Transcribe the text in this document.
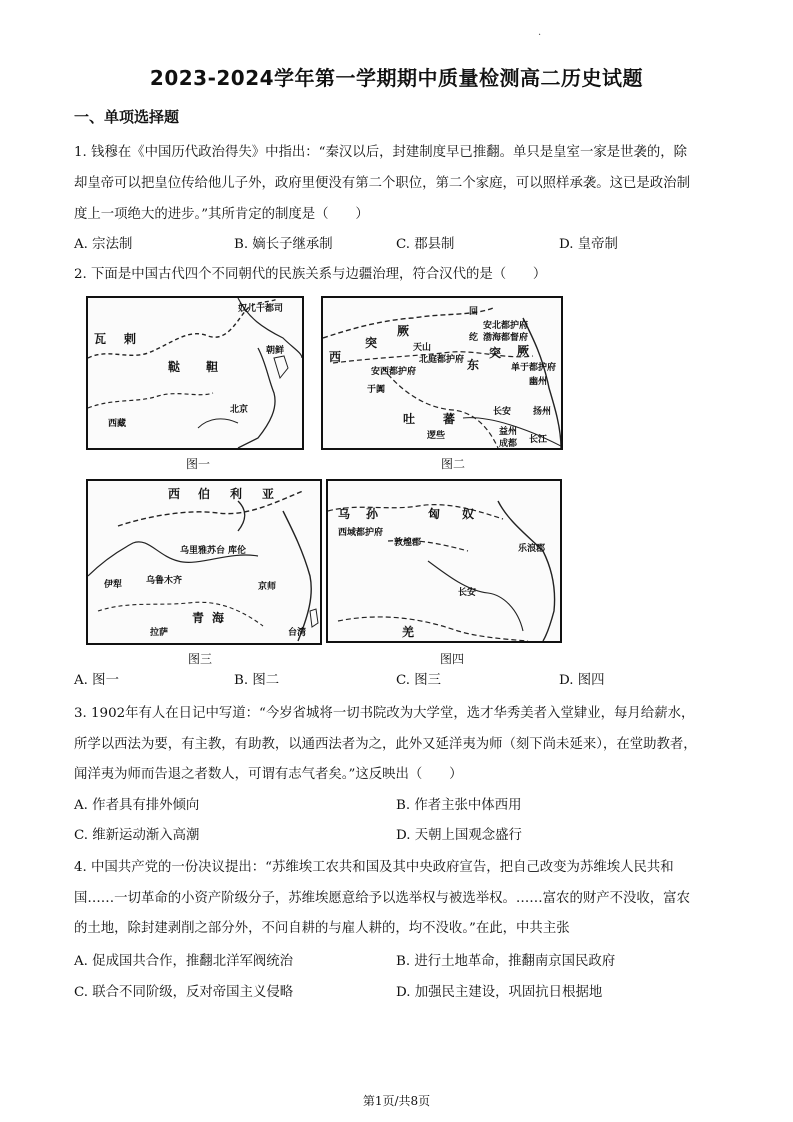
·
2023-2024学年第一学期期中质量检测高二历史试题
一、单项选择题
1. 钱穆在《中国历代政治得失》中指出：“秦汉以后，封建制度早已推翻。单只是皇室一家是世袭的，除
却皇帝可以把皇位传给他儿子外，政府里便没有第二个职位，第二个家庭，可以照样承袭。这已是政治制
度上一项绝大的进步。”其所肯定的制度是（　　）
A. 宗法制	B. 嫡长子继承制	C. 郡县制	D. 皇帝制
2. 下面是中国古代四个不同朝代的民族关系与边疆治理，符合汉代的是（　　）
瓦 剌
鞑 靼
奴儿干都司
朝鲜
北京
西藏
图一
回
安北都护府
纥 渤海都督府
西
突
厥
天山
北庭都护府
安西都护府	东
突 厥
单于都护府
幽州
于阗
吐 蕃	长安
逻些
扬州
益州
成都 长江
图二
西 伯 利 亚
乌里雅苏台 库伦
伊犁	乌鲁木齐
京师
拉萨
青 海
台湾
图三
乌 孙	匈 奴
西域都护府
敦煌郡
乐浪郡
长安
羌
图四
A. 图一	B. 图二	C. 图三	D. 图四
3. 1902年有人在日记中写道：“今岁省城将一切书院改为大学堂，选才华秀美者入堂肄业，每月给薪水，
所学以西法为要，有主教，有助教，以通西法者为之，此外又延洋夷为师（刻下尚未延来），在堂助教者，
闻洋夷为师而告退之者数人，可谓有志气者矣。”这反映出（　　）
A. 作者具有排外倾向	B. 作者主张中体西用
C. 维新运动渐入高潮	D. 天朝上国观念盛行
4. 中国共产党的一份决议提出：“苏维埃工农共和国及其中央政府宣告，把自己改变为苏维埃人民共和
国……一切革命的小资产阶级分子，苏维埃愿意给予以选举权与被选举权。……富农的财产不没收，富农
的土地，除封建剥削之部分外，不问自耕的与雇人耕的，均不没收。”在此，中共主张
A. 促成国共合作，推翻北洋军阀统治	B. 进行土地革命，推翻南京国民政府
C. 联合不同阶级，反对帝国主义侵略	D. 加强民主建设，巩固抗日根据地
第1页/共8页
